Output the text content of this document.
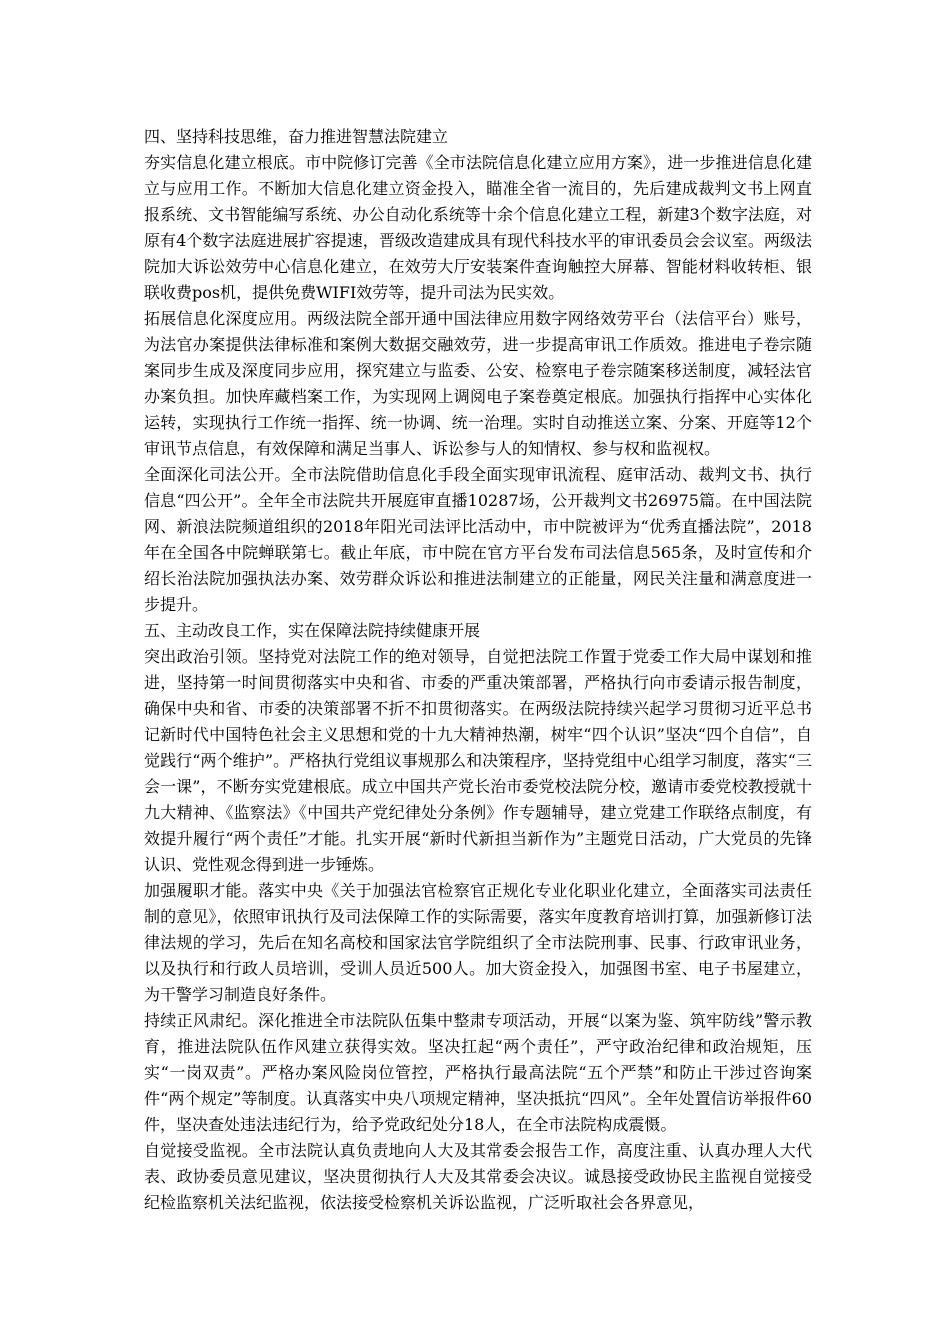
四、坚持科技思维，奋力推进智慧法院建立

夯实信息化建立根底。市中院修订完善《全市法院信息化建立应用方案》，进一步推进信息化建立与应用工作。不断加大信息化建立资金投入，瞄准全省一流目的，先后建成裁判文书上网直报系统、文书智能编写系统、办公自动化系统等十余个信息化建立工程，新建3个数字法庭，对原有4个数字法庭进展扩容提速，晋级改造建成具有现代科技水平的审讯委员会会议室。两级法院加大诉讼效劳中心信息化建立，在效劳大厅安装案件查询触控大屏幕、智能材料收转柜、银联收费pos机，提供免费WIFI效劳等，提升司法为民实效。

拓展信息化深度应用。两级法院全部开通中国法律应用数字网络效劳平台（法信平台）账号，为法官办案提供法律标准和案例大数据交融效劳，进一步提高审讯工作质效。推进电子卷宗随案同步生成及深度同步应用，探究建立与监委、公安、检察电子卷宗随案移送制度，减轻法官办案负担。加快库藏档案工作，为实现网上调阅电子案卷奠定根底。加强执行指挥中心实体化运转，实现执行工作统一指挥、统一协调、统一治理。实时自动推送立案、分案、开庭等12个审讯节点信息，有效保障和满足当事人、诉讼参与人的知情权、参与权和监视权。

全面深化司法公开。全市法院借助信息化手段全面实现审讯流程、庭审活动、裁判文书、执行信息“四公开”。全年全市法院共开展庭审直播10287场，公开裁判文书26975篇。在中国法院网、新浪法院频道组织的2018年阳光司法评比活动中，市中院被评为“优秀直播法院”，2018年在全国各中院蝉联第七。截止年底，市中院在官方平台发布司法信息565条，及时宣传和介绍长治法院加强执法办案、效劳群众诉讼和推进法制建立的正能量，网民关注量和满意度进一步提升。

五、主动改良工作，实在保障法院持续健康开展

突出政治引领。坚持党对法院工作的绝对领导，自觉把法院工作置于党委工作大局中谋划和推进，坚持第一时间贯彻落实中央和省、市委的严重决策部署，严格执行向市委请示报告制度，确保中央和省、市委的决策部署不折不扣贯彻落实。在两级法院持续兴起学习贯彻习近平总书记新时代中国特色社会主义思想和党的十九大精神热潮，树牢“四个认识”坚决“四个自信”，自觉践行“两个维护”。严格执行党组议事规那么和决策程序，坚持党组中心组学习制度，落实“三会一课”，不断夯实党建根底。成立中国共产党长治市委党校法院分校，邀请市委党校教授就十九大精神、《监察法》《中国共产党纪律处分条例》作专题辅导，建立党建工作联络点制度，有效提升履行“两个责任”才能。扎实开展“新时代新担当新作为”主题党日活动，广大党员的先锋认识、党性观念得到进一步锤炼。

加强履职才能。落实中央《关于加强法官检察官正规化专业化职业化建立，全面落实司法责任制的意见》，依照审讯执行及司法保障工作的实际需要，落实年度教育培训打算，加强新修订法律法规的学习，先后在知名高校和国家法官学院组织了全市法院刑事、民事、行政审讯业务，以及执行和行政人员培训，受训人员近500人。加大资金投入，加强图书室、电子书屋建立，为干警学习制造良好条件。

持续正风肃纪。深化推进全市法院队伍集中整肃专项活动，开展“以案为鉴、筑牢防线”警示教育，推进法院队伍作风建立获得实效。坚决扛起“两个责任”，严守政治纪律和政治规矩，压实“一岗双责”。严格办案风险岗位管控，严格执行最高法院“五个严禁”和防止干涉过咨询案件“两个规定”等制度。认真落实中央八项规定精神，坚决抵抗“四风”。全年处置信访举报件60件，坚决查处违法违纪行为，给予党政纪处分18人，在全市法院构成震慑。

自觉接受监视。全市法院认真负责地向人大及其常委会报告工作，高度注重、认真办理人大代表、政协委员意见建议，坚决贯彻执行人大及其常委会决议。诚恳接受政协民主监视自觉接受纪检监察机关法纪监视，依法接受检察机关诉讼监视，广泛听取社会各界意见，
